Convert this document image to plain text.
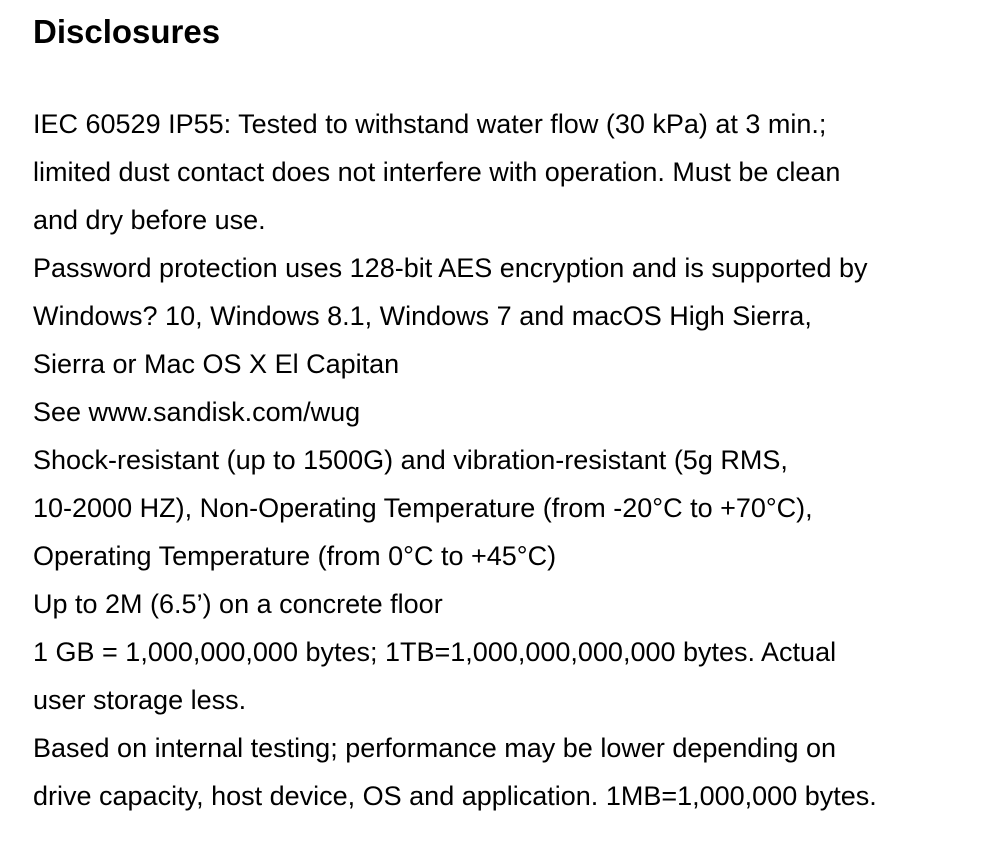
Disclosures
IEC 60529 IP55: Tested to withstand water flow (30 kPa) at 3 min.;
limited dust contact does not interfere with operation. Must be clean
and dry before use.
Password protection uses 128-bit AES encryption and is supported by
Windows? 10, Windows 8.1, Windows 7 and macOS High Sierra,
Sierra or Mac OS X El Capitan
See www.sandisk.com/wug
Shock-resistant (up to 1500G) and vibration-resistant (5g RMS,
10-2000 HZ), Non-Operating Temperature (from -20°C to +70°C),
Operating Temperature (from 0°C to +45°C)
Up to 2M (6.5’) on a concrete floor
1 GB = 1,000,000,000 bytes; 1TB=1,000,000,000,000 bytes. Actual
user storage less.
Based on internal testing; performance may be lower depending on
drive capacity, host device, OS and application. 1MB=1,000,000 bytes.
